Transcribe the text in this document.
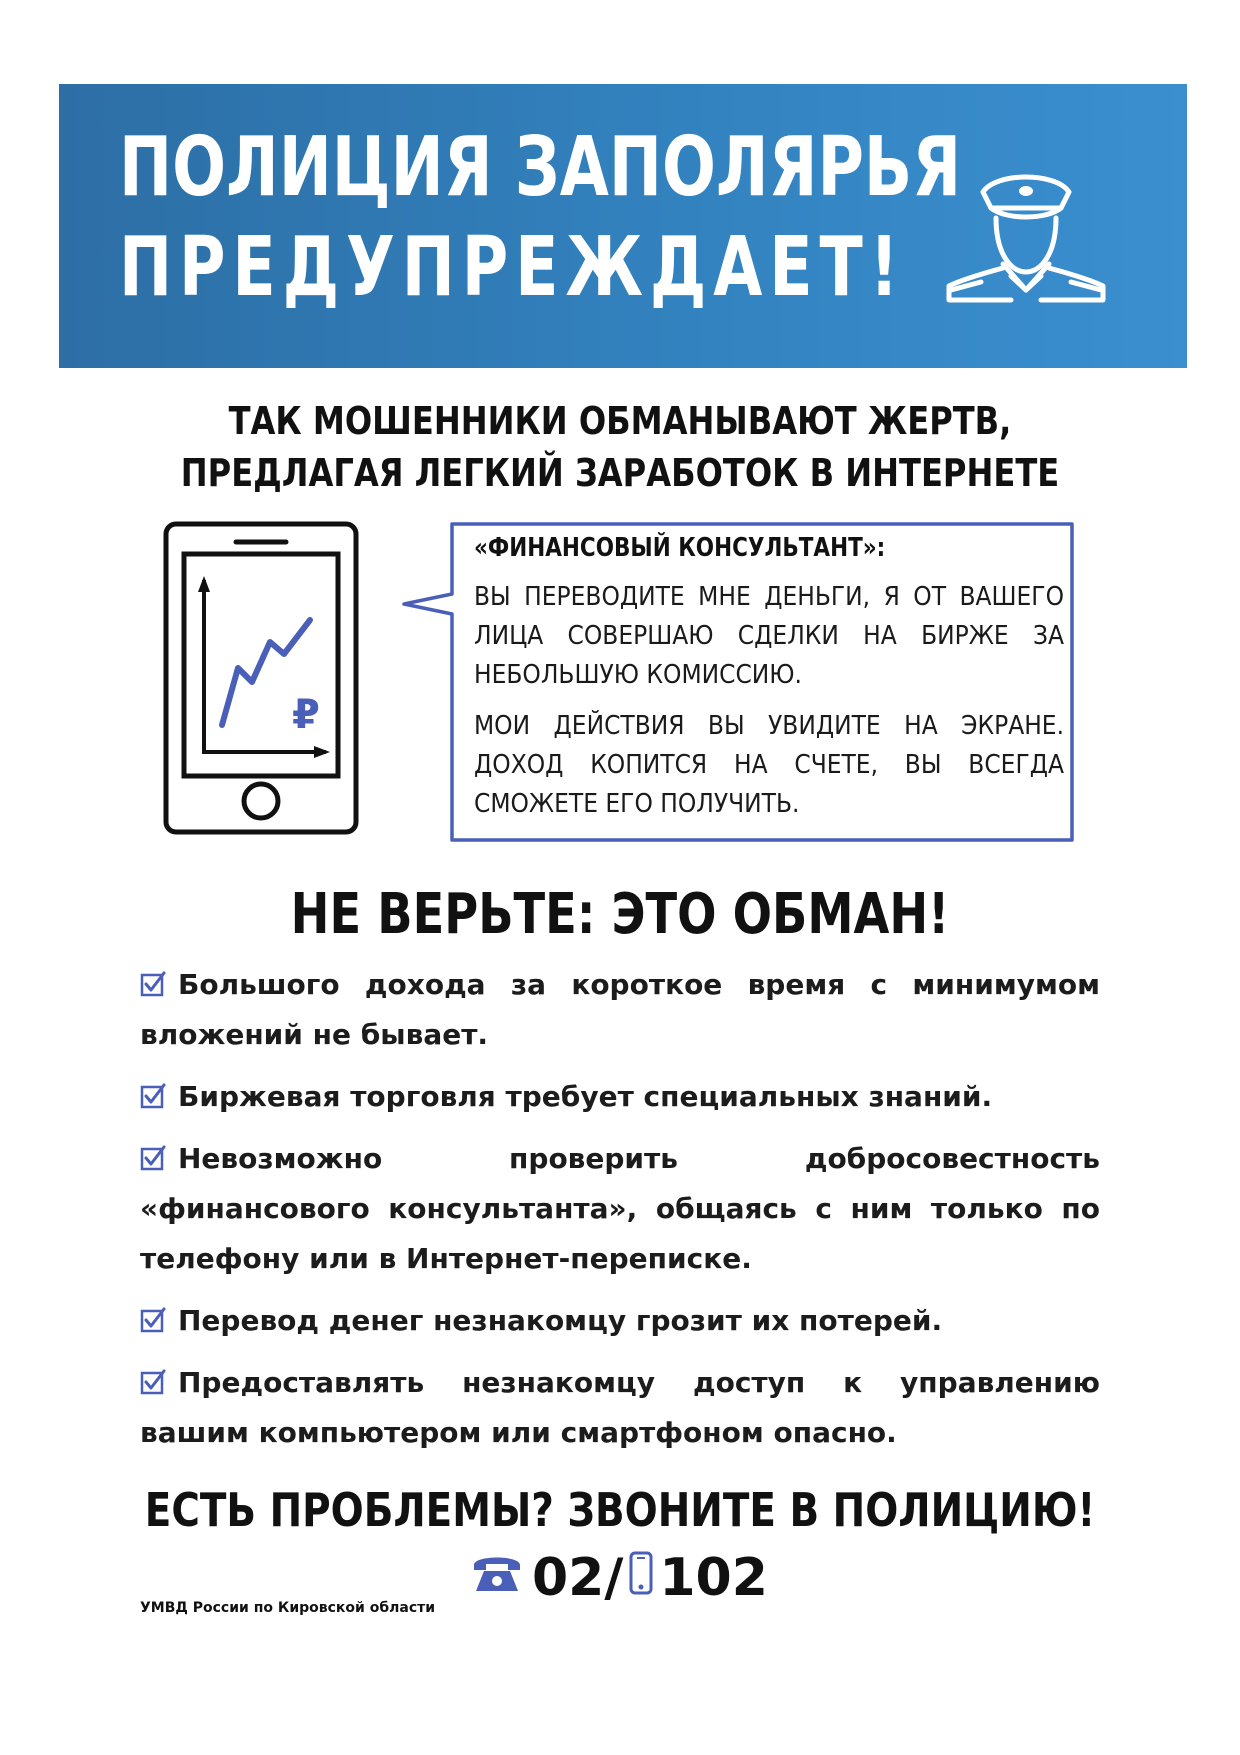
ПОЛИЦИЯ ЗАПОЛЯРЬЯ
ПРЕДУПРЕЖДАЕТ!
ТАК МОШЕННИКИ ОБМАНЫВАЮТ ЖЕРТВ,
ПРЕДЛАГАЯ ЛЕГКИЙ ЗАРАБОТОК В ИНТЕРНЕТЕ
₽

«ФИНАНСОВЫЙ КОНСУЛЬТАНТ»:

ВЫ ПЕРЕВОДИТЕ МНЕ ДЕНЬГИ, Я ОТ ВАШЕГО ЛИЦА СОВЕРШАЮ СДЕЛКИ НА БИРЖЕ ЗА НЕБОЛЬШУЮ КОМИССИЮ.

МОИ ДЕЙСТВИЯ ВЫ УВИДИТЕ НА ЭКРАНЕ. ДОХОД КОПИТСЯ НА СЧЕТЕ, ВЫ ВСЕГДА СМОЖЕТЕ ЕГО ПОЛУЧИТЬ.

НЕ ВЕРЬТЕ: ЭТО ОБМАН!
Большого дохода за короткое время с минимумом вложений не бывает.
Биржевая торговля требует специальных знаний.
Невозможно проверить добросовестность «финансового консультанта», общаясь с ним только по телефону или в Интернет-переписке.
Перевод денег незнакомцу грозит их потерей.
Предоставлять незнакомцу доступ к управлению вашим компьютером или смартфоном опасно.
ЕСТЬ ПРОБЛЕМЫ? ЗВОНИТЕ В ПОЛИЦИЮ!
02/ 102

УМВД России по Кировской области
